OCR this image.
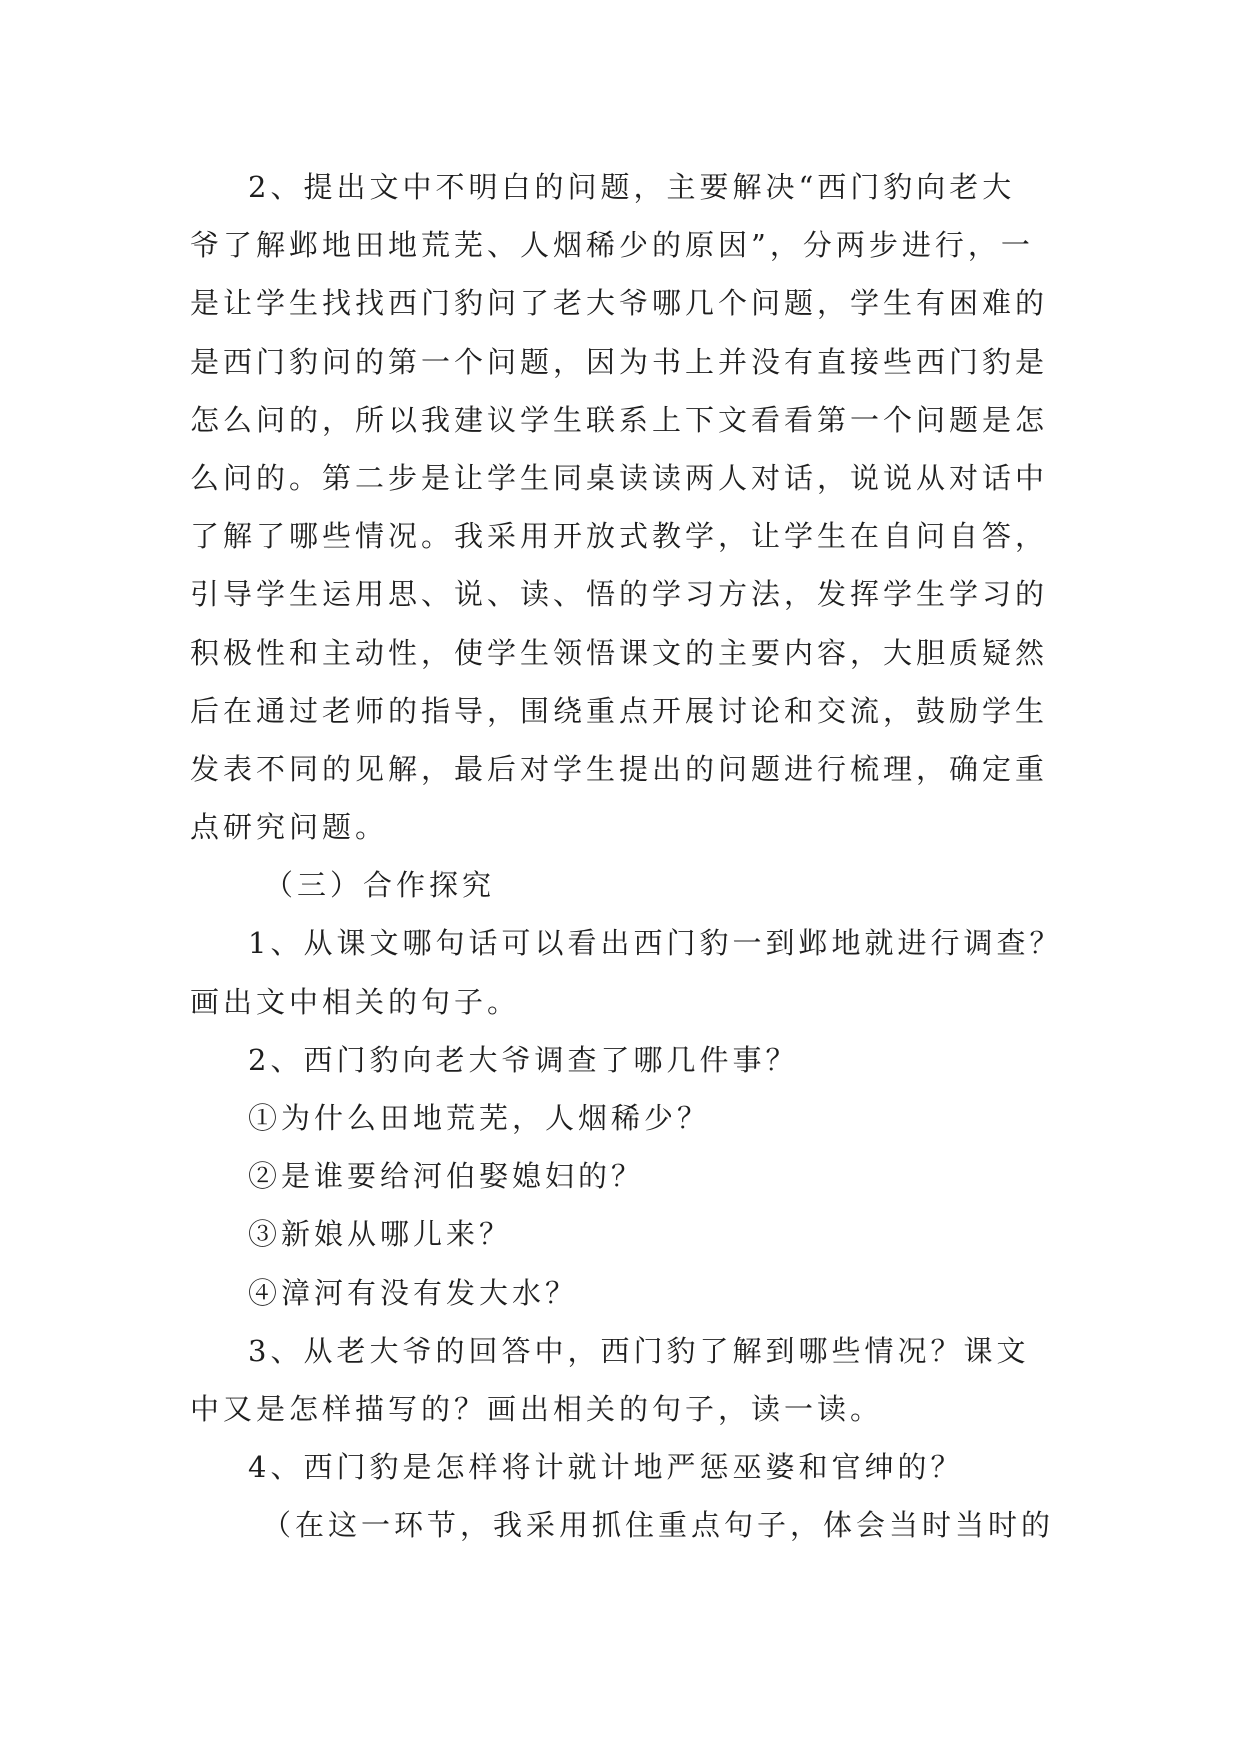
2、提出文中不明白的问题，主要解决“西门豹向老大
爷了解邺地田地荒芜、人烟稀少的原因”，分两步进行，一
是让学生找找西门豹问了老大爷哪几个问题，学生有困难的
是西门豹问的第一个问题，因为书上并没有直接些西门豹是
怎么问的，所以我建议学生联系上下文看看第一个问题是怎
么问的。第二步是让学生同桌读读两人对话，说说从对话中
了解了哪些情况。我采用开放式教学，让学生在自问自答，
引导学生运用思、说、读、悟的学习方法，发挥学生学习的
积极性和主动性，使学生领悟课文的主要内容，大胆质疑然
后在通过老师的指导，围绕重点开展讨论和交流，鼓励学生
发表不同的见解，最后对学生提出的问题进行梳理，确定重
点研究问题。
（三）合作探究
1、从课文哪句话可以看出西门豹一到邺地就进行调查？
画出文中相关的句子。
2、西门豹向老大爷调查了哪几件事？
①为什么田地荒芜，人烟稀少？
②是谁要给河伯娶媳妇的？
③新娘从哪儿来？
④漳河有没有发大水？
3、从老大爷的回答中，西门豹了解到哪些情况？课文
中又是怎样描写的？画出相关的句子，读一读。
4、西门豹是怎样将计就计地严惩巫婆和官绅的？
（在这一环节，我采用抓住重点句子，体会当时当时的
